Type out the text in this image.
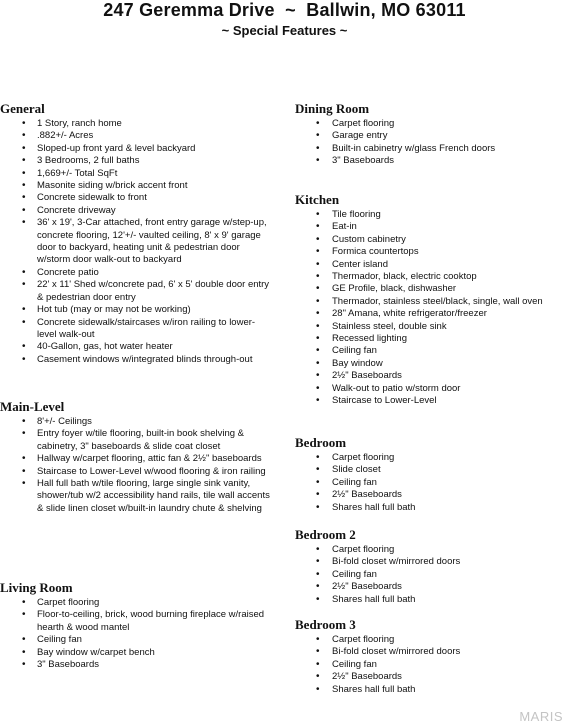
247 Geremma Drive  ~  Ballwin, MO 63011
~ Special Features ~
General
• 1 Story, ranch home
• .882+/- Acres
• Sloped-up front yard & level backyard
• 3 Bedrooms, 2 full baths
• 1,669+/- Total SqFt
• Masonite siding w/brick accent front
• Concrete sidewalk to front
• Concrete driveway
• 36' x 19', 3-Car attached, front entry garage w/step-up, concrete flooring, 12'+/- vaulted ceiling, 8' x 9' garage door to backyard, heating unit & pedestrian door w/storm door walk-out to backyard
• Concrete patio
• 22' x 11' Shed w/concrete pad, 6' x 5' double door entry & pedestrian door entry
• Hot tub (may or may not be working)
• Concrete sidewalk/staircases w/iron railing to lower-level walk-out
• 40-Gallon, gas, hot water heater
• Casement windows w/integrated blinds through-out
Main-Level
• 8'+/- Ceilings
• Entry foyer w/tile flooring, built-in book shelving & cabinetry, 3" baseboards & slide coat closet
• Hallway w/carpet flooring, attic fan & 2½" baseboards
• Staircase to Lower-Level w/wood flooring & iron railing
• Hall full bath w/tile flooring, large single sink vanity, shower/tub w/2 accessibility hand rails, tile wall accents & slide linen closet w/built-in laundry chute & shelving
Living Room
• Carpet flooring
• Floor-to-ceiling, brick, wood burning fireplace w/raised hearth & wood mantel
• Ceiling fan
• Bay window w/carpet bench
• 3" Baseboards
Dining Room
• Carpet flooring
• Garage entry
• Built-in cabinetry w/glass French doors
• 3" Baseboards
Kitchen
• Tile flooring
• Eat-in
• Custom cabinetry
• Formica countertops
• Center island
• Thermador, black, electric cooktop
• GE Profile, black, dishwasher
• Thermador, stainless steel/black, single, wall oven
• 28" Amana, white refrigerator/freezer
• Stainless steel, double sink
• Recessed lighting
• Ceiling fan
• Bay window
• 2½" Baseboards
• Walk-out to patio w/storm door
• Staircase to Lower-Level
Bedroom
• Carpet flooring
• Slide closet
• Ceiling fan
• 2½" Baseboards
• Shares hall full bath
Bedroom 2
• Carpet flooring
• Bi-fold closet w/mirrored doors
• Ceiling fan
• 2½" Baseboards
• Shares hall full bath
Bedroom 3
• Carpet flooring
• Bi-fold closet w/mirrored doors
• Ceiling fan
• 2½" Baseboards
• Shares hall full bath
MARIS
